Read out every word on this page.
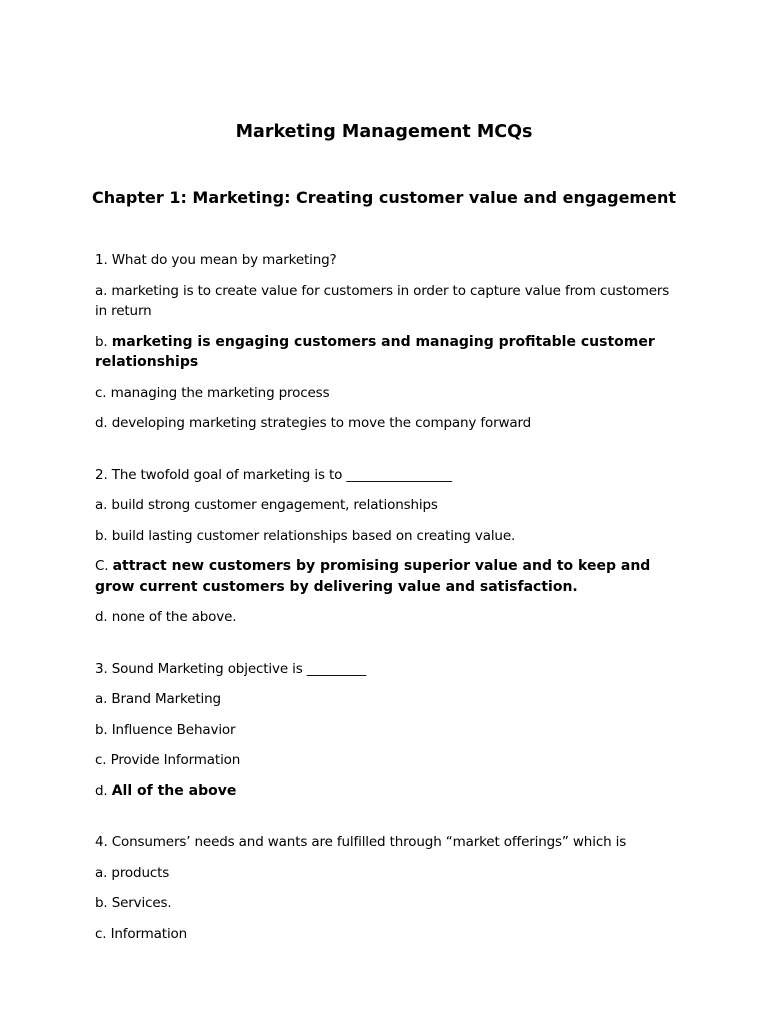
Marketing Management MCQs
Chapter 1: Marketing: Creating customer value and engagement
1. What do you mean by marketing?
a. marketing is to create value for customers in order to capture value from customers in return
b. marketing is engaging customers and managing profitable customer relationships
c. managing the marketing process
d. developing marketing strategies to move the company forward
2. The twofold goal of marketing is to ________________
a. build strong customer engagement, relationships
b. build lasting customer relationships based on creating value.
C. attract new customers by promising superior value and to keep and grow current customers by delivering value and satisfaction.
d. none of the above.
3. Sound Marketing objective is _________
a. Brand Marketing
b. Influence Behavior
c. Provide Information
d. All of the above
4. Consumers’ needs and wants are fulfilled through “market offerings” which is
a. products
b. Services.
c. Information
